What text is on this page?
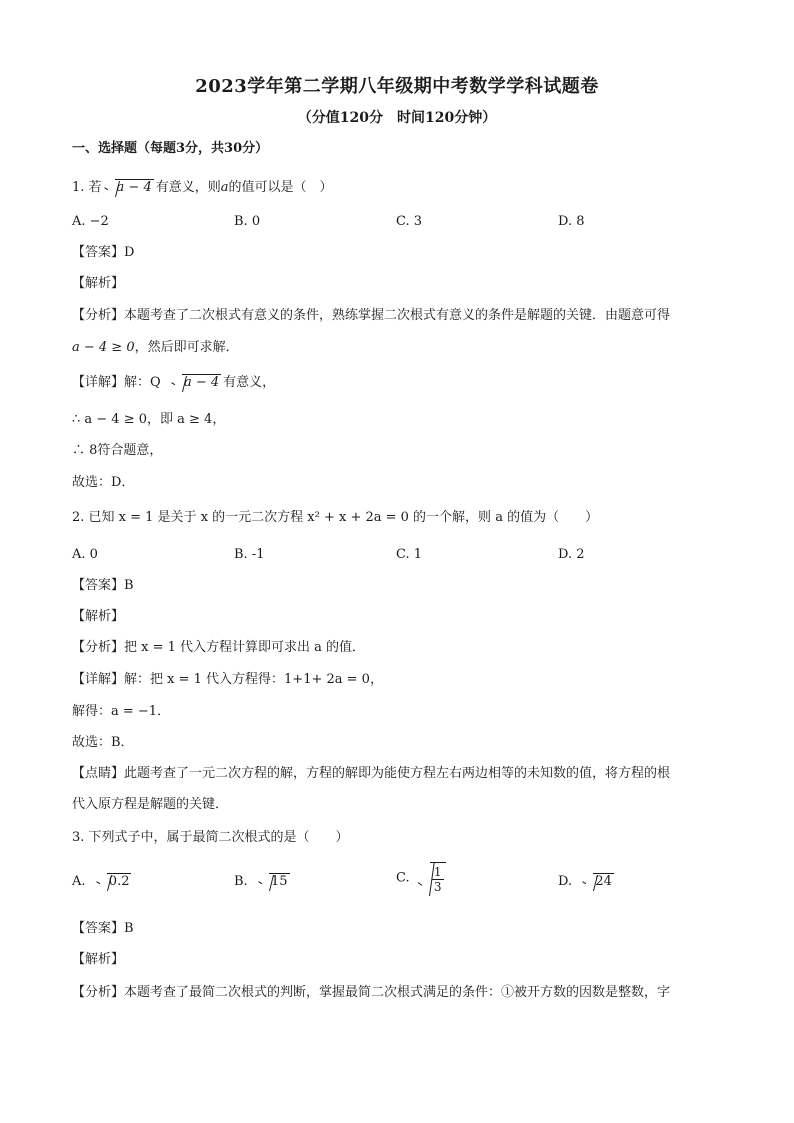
2023学年第二学期八年级期中考数学学科试题卷
（分值120分　时间120分钟）
一、选择题（每题3分，共30分）
1. 若 a − 4 有意义，则a的值可以是（　）
A. −2	B. 0	C. 3	D. 8
【答案】D
【解析】
【分析】本题考查了二次根式有意义的条件，熟练掌握二次根式有意义的条件是解题的关键．由题意可得
a − 4 ≥ 0，然后即可求解．
【详解】解：Q a − 4 有意义，
∴ a − 4 ≥ 0，即 a ≥ 4，
∴ 8符合题意，
故选：D．
2. 已知 x = 1 是关于 x 的一元二次方程 x² + x + 2a = 0 的一个解，则 a 的值为（　　）
A. 0	B. -1	C. 1	D. 2
【答案】B
【解析】
【分析】把 x = 1 代入方程计算即可求出 a 的值．
【详解】解：把 x = 1 代入方程得：1+1+ 2a = 0，
解得：a = −1．
故选：B．
【点睛】此题考查了一元二次方程的解，方程的解即为能使方程左右两边相等的未知数的值，将方程的根
代入原方程是解题的关键．
3. 下列式子中，属于最简二次根式的是（　　）
A. 0.2	B. 15	C. $\frac{1}{3}$	D. 24
【答案】B
【解析】
【分析】本题考查了最简二次根式的判断，掌握最简二次根式满足的条件：①被开方数的因数是整数，字
